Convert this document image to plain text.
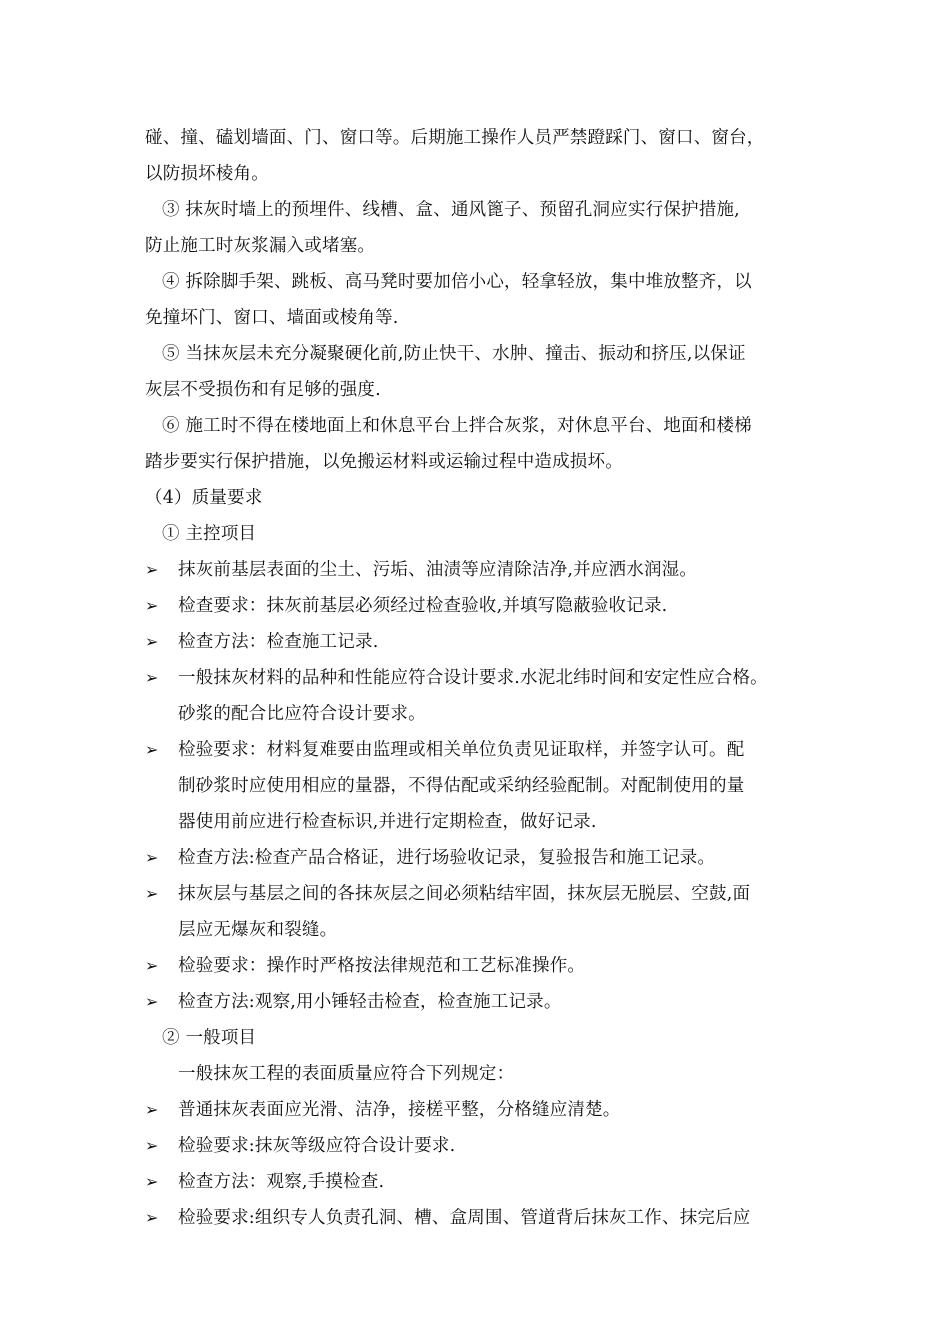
碰、撞、磕划墙面、门、窗口等。后期施工操作人员严禁蹬踩门、窗口、窗台，
以防损坏棱角。
③ 抹灰时墙上的预埋件、线槽、盒、通风篦子、预留孔洞应实行保护措施,
防止施工时灰浆漏入或堵塞。
④ 拆除脚手架、跳板、高马凳时要加倍小心，轻拿轻放，集中堆放整齐，以
免撞坏门、窗口、墙面或棱角等.
⑤ 当抹灰层未充分凝聚硬化前,防止快干、水肿、撞击、振动和挤压,以保证
灰层不受损伤和有足够的强度.
⑥ 施工时不得在楼地面上和休息平台上拌合灰浆，对休息平台、地面和楼梯
踏步要实行保护措施，以免搬运材料或运输过程中造成损坏。
（4）质量要求
① 主控项目
➢ 抹灰前基层表面的尘土、污垢、油渍等应清除洁净,并应洒水润湿。
➢ 检查要求：抹灰前基层必须经过检查验收,并填写隐蔽验收记录.
➢ 检查方法：检查施工记录.
➢ 一般抹灰材料的品种和性能应符合设计要求.水泥北纬时间和安定性应合格。
砂浆的配合比应符合设计要求。
➢ 检验要求：材料复难要由监理或相关单位负责见证取样，并签字认可。配
制砂浆时应使用相应的量器，不得估配或采纳经验配制。对配制使用的量
器使用前应进行检查标识,并进行定期检查，做好记录.
➢ 检查方法:检查产品合格证，进行场验收记录，复验报告和施工记录。
➢ 抹灰层与基层之间的各抹灰层之间必须粘结牢固，抹灰层无脱层、空鼓,面
层应无爆灰和裂缝。
➢ 检验要求：操作时严格按法律规范和工艺标准操作。
➢ 检查方法:观察,用小锤轻击检查，检查施工记录。
② 一般项目
一般抹灰工程的表面质量应符合下列规定：
➢ 普通抹灰表面应光滑、洁净，接槎平整，分格缝应清楚。
➢ 检验要求:抹灰等级应符合设计要求.
➢ 检查方法：观察,手摸检查.
➢ 检验要求:组织专人负责孔洞、槽、盒周围、管道背后抹灰工作、抹完后应
